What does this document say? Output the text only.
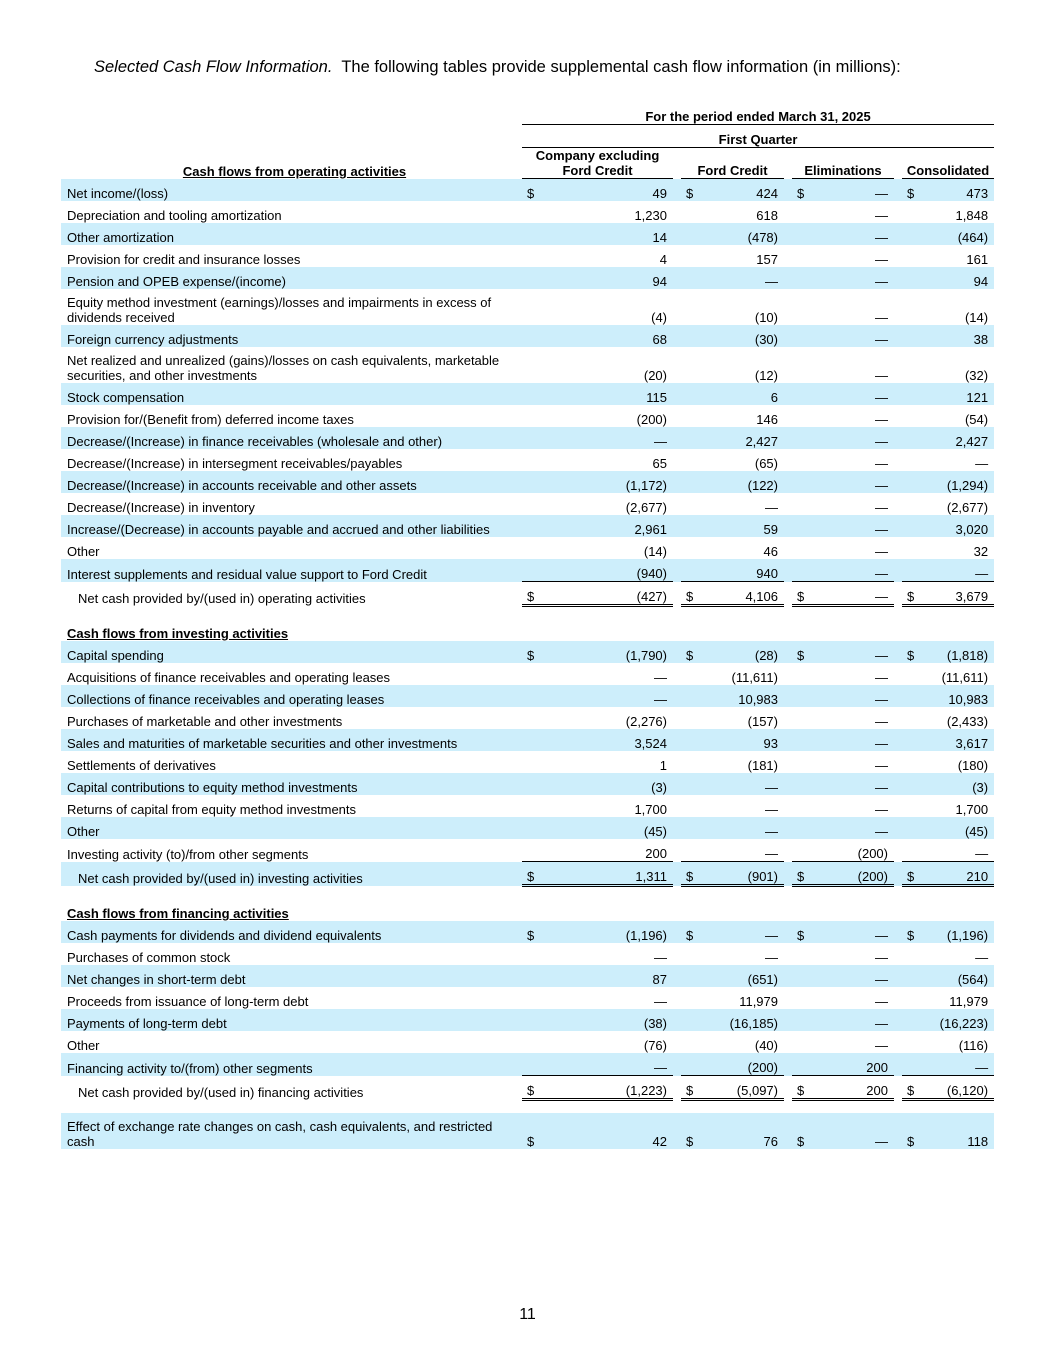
Selected Cash Flow Information. The following tables provide supplemental cash flow information (in millions):
	For the period ended March 31, 2025										
	First Quarter										
Cash flows from operating activities	Company excluding Ford Credit			Ford Credit			Eliminations			Consolidated	
Net income/(loss)	$	49		$	424		$	—		$	473
Depreciation and tooling amortization		1,230			618			—			1,848
Other amortization		14			(478)			—			(464)
Provision for credit and insurance losses		4			157			—			161
Pension and OPEB expense/(income)		94			—			—			94
Equity method investment (earnings)/losses and impairments in excess of dividends received		(4)			(10)			—			(14)
Foreign currency adjustments		68			(30)			—			38
Net realized and unrealized (gains)/losses on cash equivalents, marketable securities, and other investments		(20)			(12)			—			(32)
Stock compensation		115			6			—			121
Provision for/(Benefit from) deferred income taxes		(200)			146			—			(54)
Decrease/(Increase) in finance receivables (wholesale and other)		—			2,427			—			2,427
Decrease/(Increase) in intersegment receivables/payables		65			(65)			—			—
Decrease/(Increase) in accounts receivable and other assets		(1,172)			(122)			—			(1,294)
Decrease/(Increase) in inventory		(2,677)			—			—			(2,677)
Increase/(Decrease) in accounts payable and accrued and other liabilities		2,961			59			—			3,020
Other		(14)			46			—			32
Interest supplements and residual value support to Ford Credit		(940)			940			—			—
Net cash provided by/(used in) operating activities	$	(427)		$	4,106		$	—		$	3,679

Cash flows from investing activities											
Capital spending	$	(1,790)		$	(28)		$	—		$	(1,818)
Acquisitions of finance receivables and operating leases		—			(11,611)			—			(11,611)
Collections of finance receivables and operating leases		—			10,983			—			10,983
Purchases of marketable and other investments		(2,276)			(157)			—			(2,433)
Sales and maturities of marketable securities and other investments		3,524			93			—			3,617
Settlements of derivatives		1			(181)			—			(180)
Capital contributions to equity method investments		(3)			—			—			(3)
Returns of capital from equity method investments		1,700			—			—			1,700
Other		(45)			—			—			(45)
Investing activity (to)/from other segments		200			—			(200)			—
Net cash provided by/(used in) investing activities	$	1,311		$	(901)		$	(200)		$	210

Cash flows from financing activities											
Cash payments for dividends and dividend equivalents	$	(1,196)		$	—		$	—		$	(1,196)
Purchases of common stock		—			—			—			—
Net changes in short-term debt		87			(651)			—			(564)
Proceeds from issuance of long-term debt		—			11,979			—			11,979
Payments of long-term debt		(38)			(16,185)			—			(16,223)
Other		(76)			(40)			—			(116)
Financing activity to/(from) other segments		—			(200)			200			—
Net cash provided by/(used in) financing activities	$	(1,223)		$	(5,097)		$	200		$	(6,120)

Effect of exchange rate changes on cash, cash equivalents, and restricted cash	$	42		$	76		$	—		$	118
11
